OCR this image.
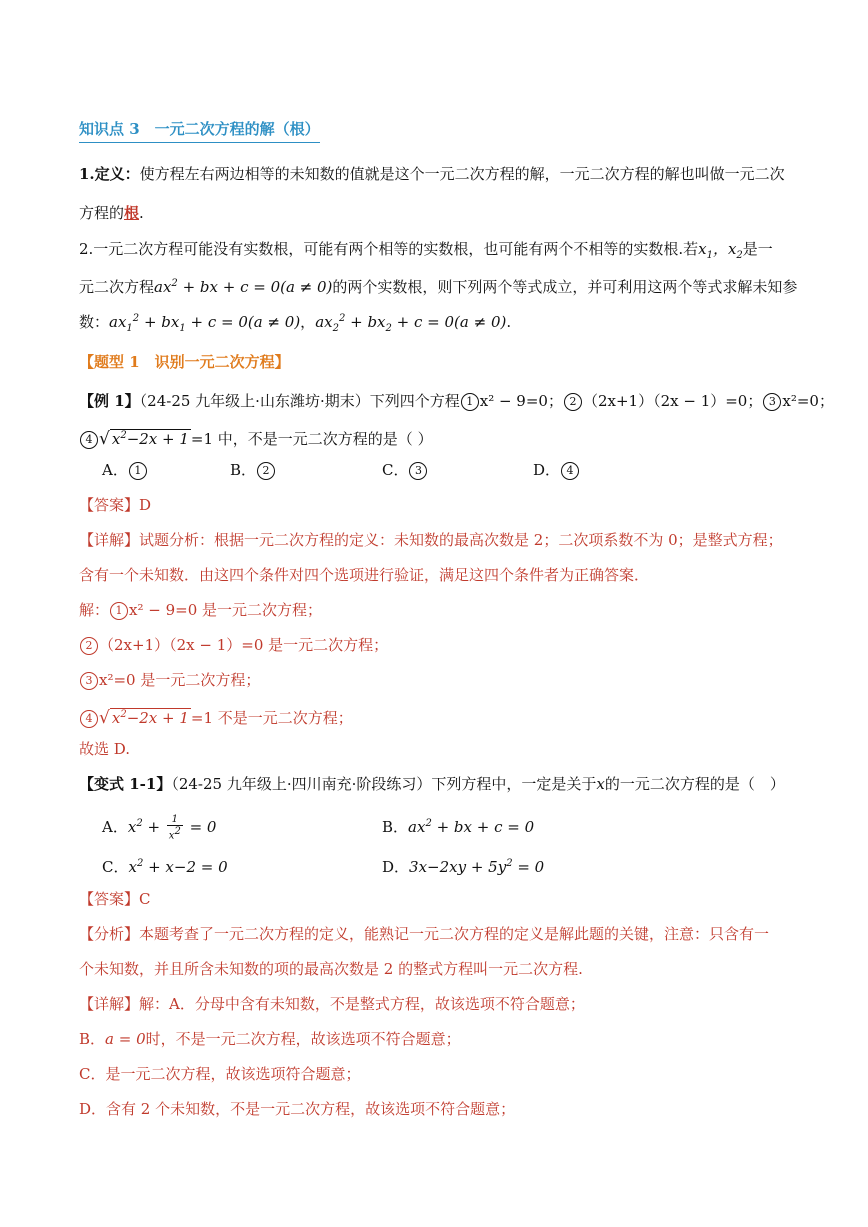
知识点 3　一元二次方程的解（根）
1.定义：使方程左右两边相等的未知数的值就是这个一元二次方程的解，一元二次方程的解也叫做一元二次
方程的根.
2.一元二次方程可能没有实数根，可能有两个相等的实数根，也可能有两个不相等的实数根.若$x_1$，$x_2$是一
元二次方程$ax^2$ + bx + c = 0(a ≠ 0)的两个实数根，则下列两个等式成立，并可利用这两个等式求解未知参
数：$ax_1^2 + bx_1 + c = 0(a \ne 0)$，$ax_2^2 + bx_2 + c = 0(a \ne 0)$.
【题型 1　识别一元二次方程】
【例 1】（24-25 九年级上·山东潍坊·期末）下列四个方程 1 x² − 9=0； 2 （2x+1）（2x − 1）=0； 3 x²=0；
4 √ $x^2-2x + 1 =1$ 中，不是一元二次方程的是（ ）
A． 1	B． 2	C． 3	D． 4
【答案】D
【详解】试题分析：根据一元二次方程的定义：未知数的最高次数是 2；二次项系数不为 0；是整式方程；
含有一个未知数．由这四个条件对四个选项进行验证，满足这四个条件者为正确答案．
解： 1 x² − 9=0 是一元二次方程；
2 （2x+1）（2x − 1）=0 是一元二次方程；
3 x²=0 是一元二次方程；
4 √ $x^2-2x + 1 =1$ 不是一元二次方程；
故选 D.
【变式 1-1】（24-25 九年级上·四川南充·阶段练习）下列方程中，一定是关于x的一元二次方程的是（　）
A．$x^2 + \frac{1}{x^2} = 0$	B．$ax^2$ + bx + c = 0
C．$x^2 + x-2 = 0$	D．$3x-2xy + 5y^2 = 0$
【答案】C
【分析】本题考查了一元二次方程的定义，能熟记一元二次方程的定义是解此题的关键，注意：只含有一
个未知数，并且所含未知数的项的最高次数是 2 的整式方程叫一元二次方程.
【详解】解：A．分母中含有未知数，不是整式方程，故该选项不符合题意；
B．a = 0时，不是一元二次方程，故该选项不符合题意；
C．是一元二次方程，故该选项符合题意；
D．含有 2 个未知数，不是一元二次方程，故该选项不符合题意；
